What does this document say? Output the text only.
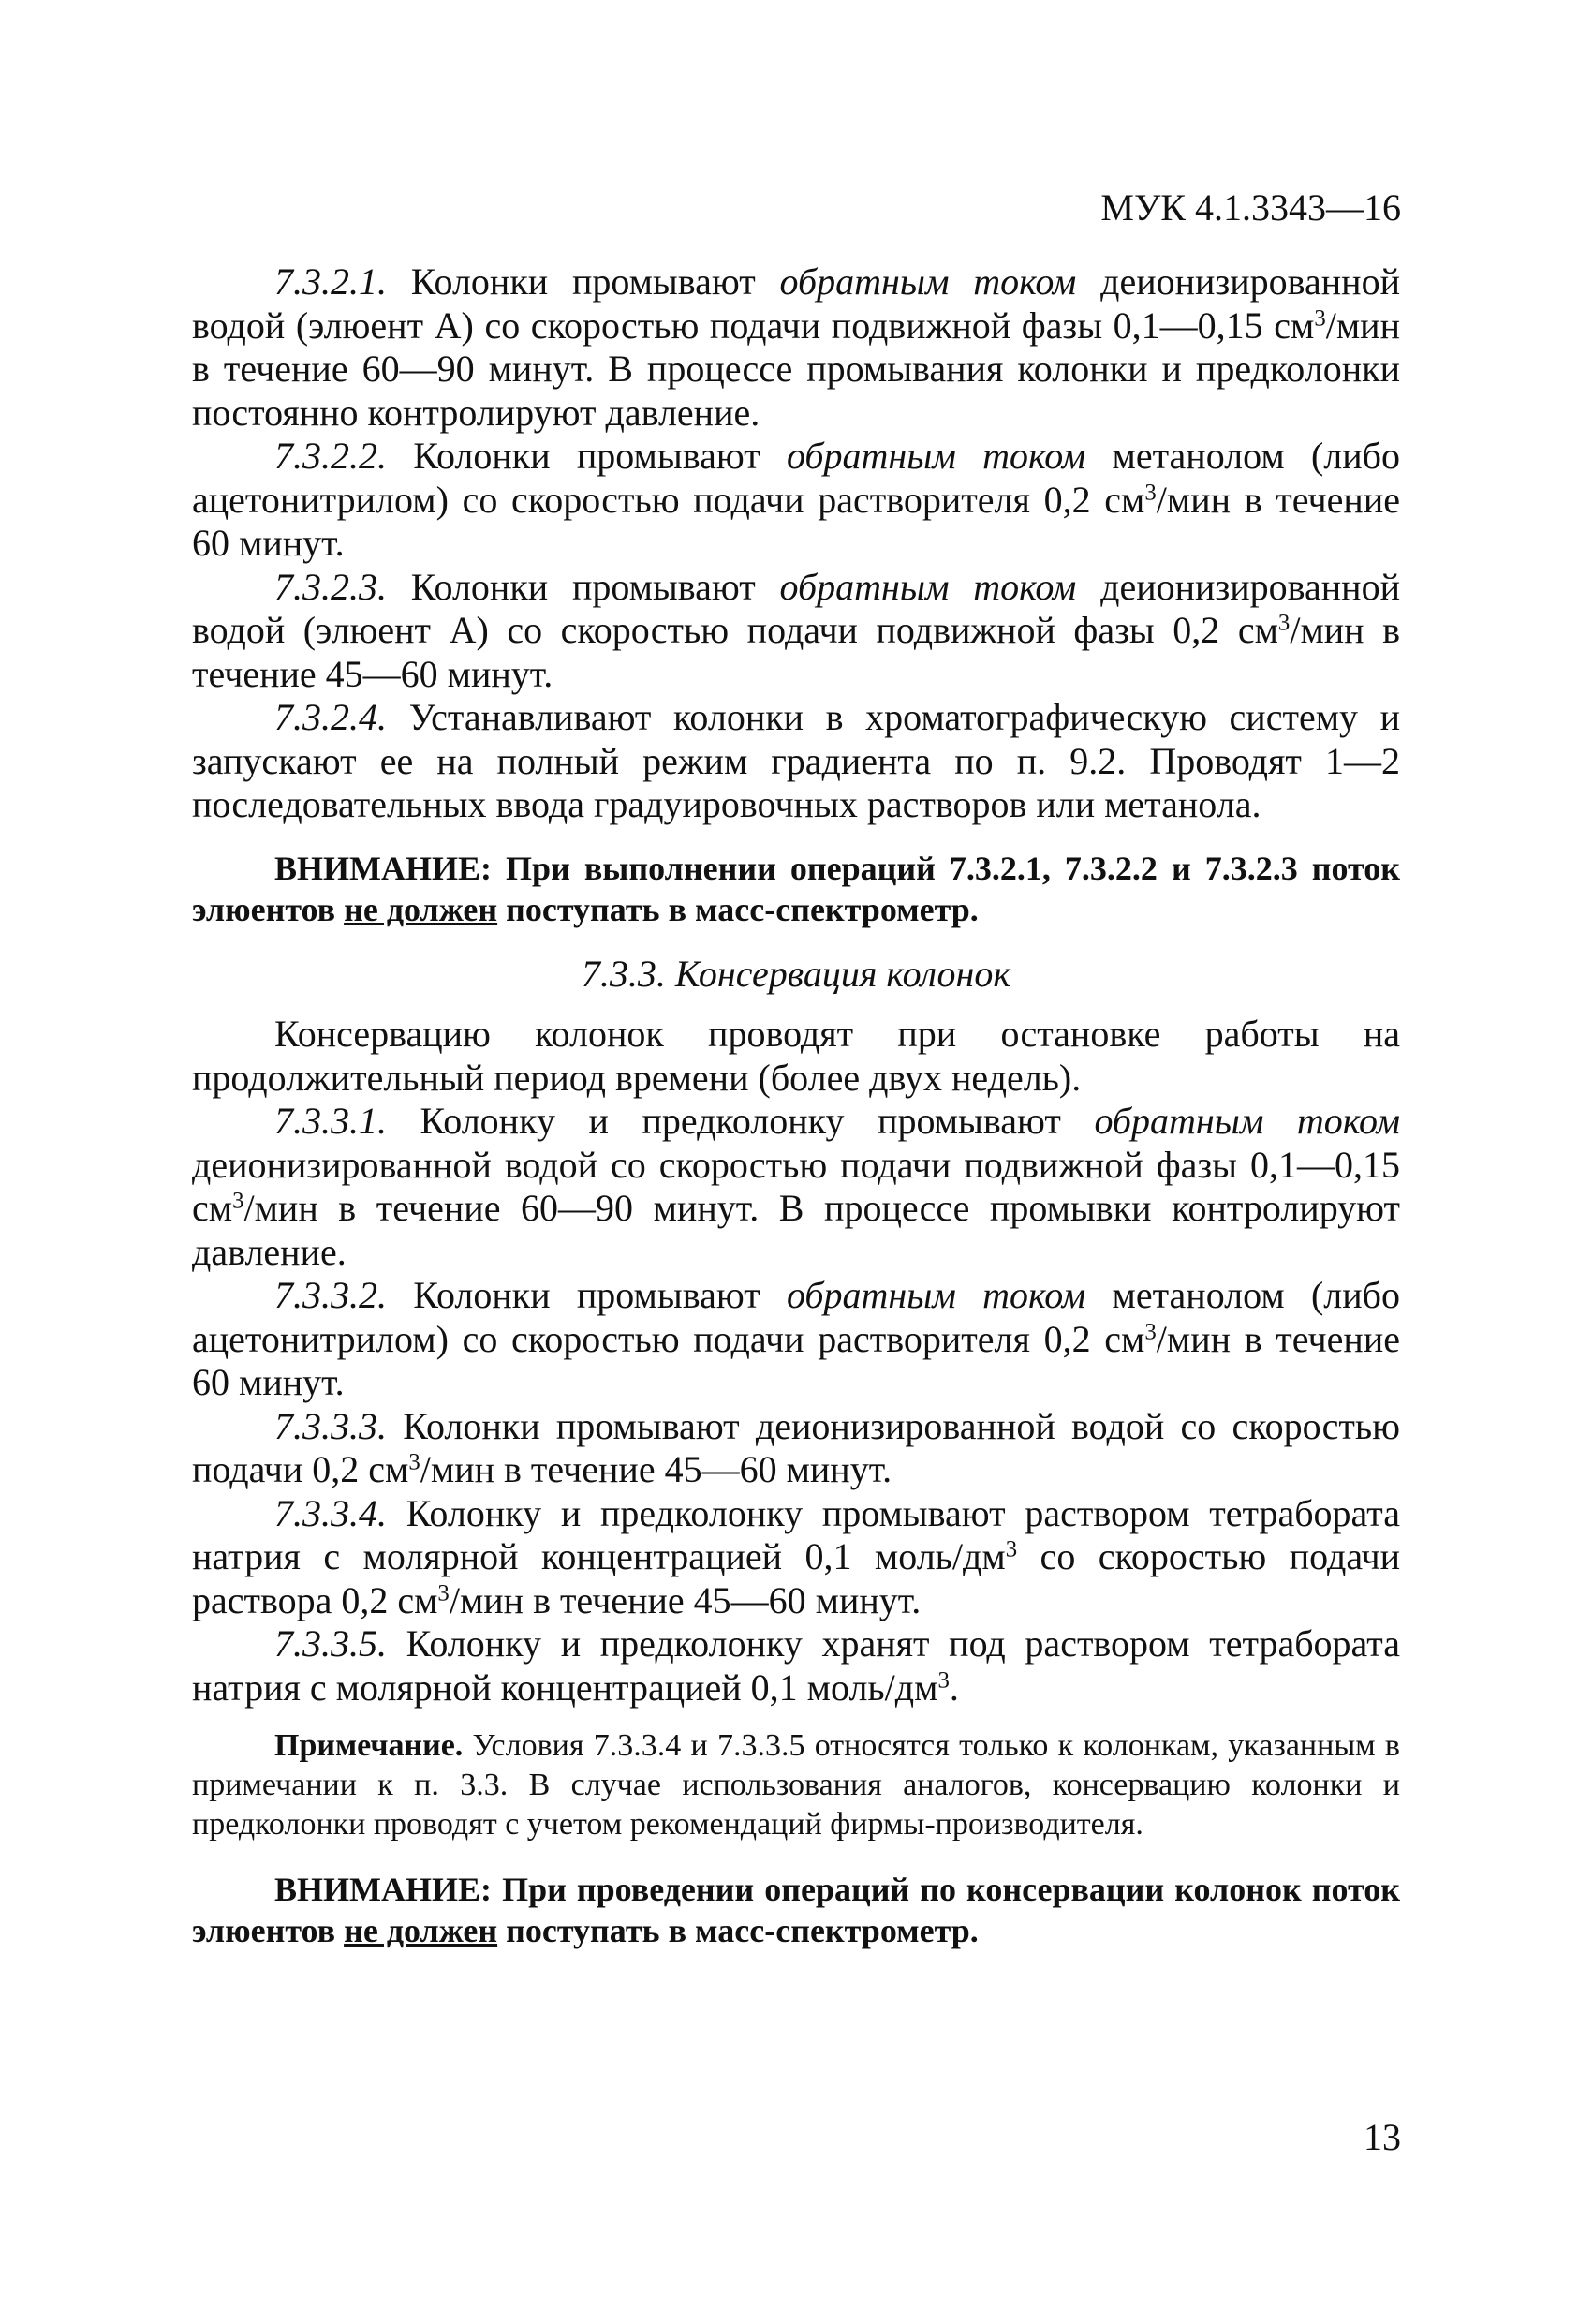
МУК 4.1.3343—16

7.3.2.1. Колонки промывают обратным током деионизированной водой (элюент А) со скоростью подачи подвижной фазы 0,1—0,15 $см^3$/мин в течение 60—90 минут. В процессе промывания колонки и предколонки постоянно контролируют давление.

7.3.2.2. Колонки промывают обратным током метанолом (либо ацетонитрилом) со скоростью подачи растворителя 0,2 $см^3$/мин в течение 60 минут.

7.3.2.3. Колонки промывают обратным током деионизированной водой (элюент А) со скоростью подачи подвижной фазы 0,2 $см^3$/мин в течение 45—60 минут.

7.3.2.4. Устанавливают колонки в хроматографическую систему и запускают ее на полный режим градиента по п. 9.2. Проводят 1—2 последовательных ввода градуировочных растворов или метанола.

ВНИМАНИЕ: При выполнении операций 7.3.2.1, 7.3.2.2 и 7.3.2.3 поток элюентов не должен поступать в масс-спектрометр.

7.3.3. Консервация колонок

Консервацию колонок проводят при остановке работы на продолжительный период времени (более двух недель).

7.3.3.1. Колонку и предколонку промывают обратным током деионизированной водой со скоростью подачи подвижной фазы 0,1—0,15 $см^3$/мин в течение 60—90 минут. В процессе промывки контролируют давление.

7.3.3.2. Колонки промывают обратным током метанолом (либо ацетонитрилом) со скоростью подачи растворителя 0,2 $см^3$/мин в течение 60 минут.

7.3.3.3. Колонки промывают деионизированной водой со скоростью подачи 0,2 $см^3$/мин в течение 45—60 минут.

7.3.3.4. Колонку и предколонку промывают раствором тетрабората натрия с молярной концентрацией 0,1 моль/$дм^3$ со скоростью подачи раствора 0,2 $см^3$/мин в течение 45—60 минут.

7.3.3.5. Колонку и предколонку хранят под раствором тетрабората натрия с молярной концентрацией 0,1 моль/$дм^3$.

Примечание. Условия 7.3.3.4 и 7.3.3.5 относятся только к колонкам, указанным в примечании к п. 3.3. В случае использования аналогов, консервацию колонки и предколонки проводят с учетом рекомендаций фирмы-производителя.

ВНИМАНИЕ: При проведении операций по консервации колонок поток элюентов не должен поступать в масс-спектрометр.

13
